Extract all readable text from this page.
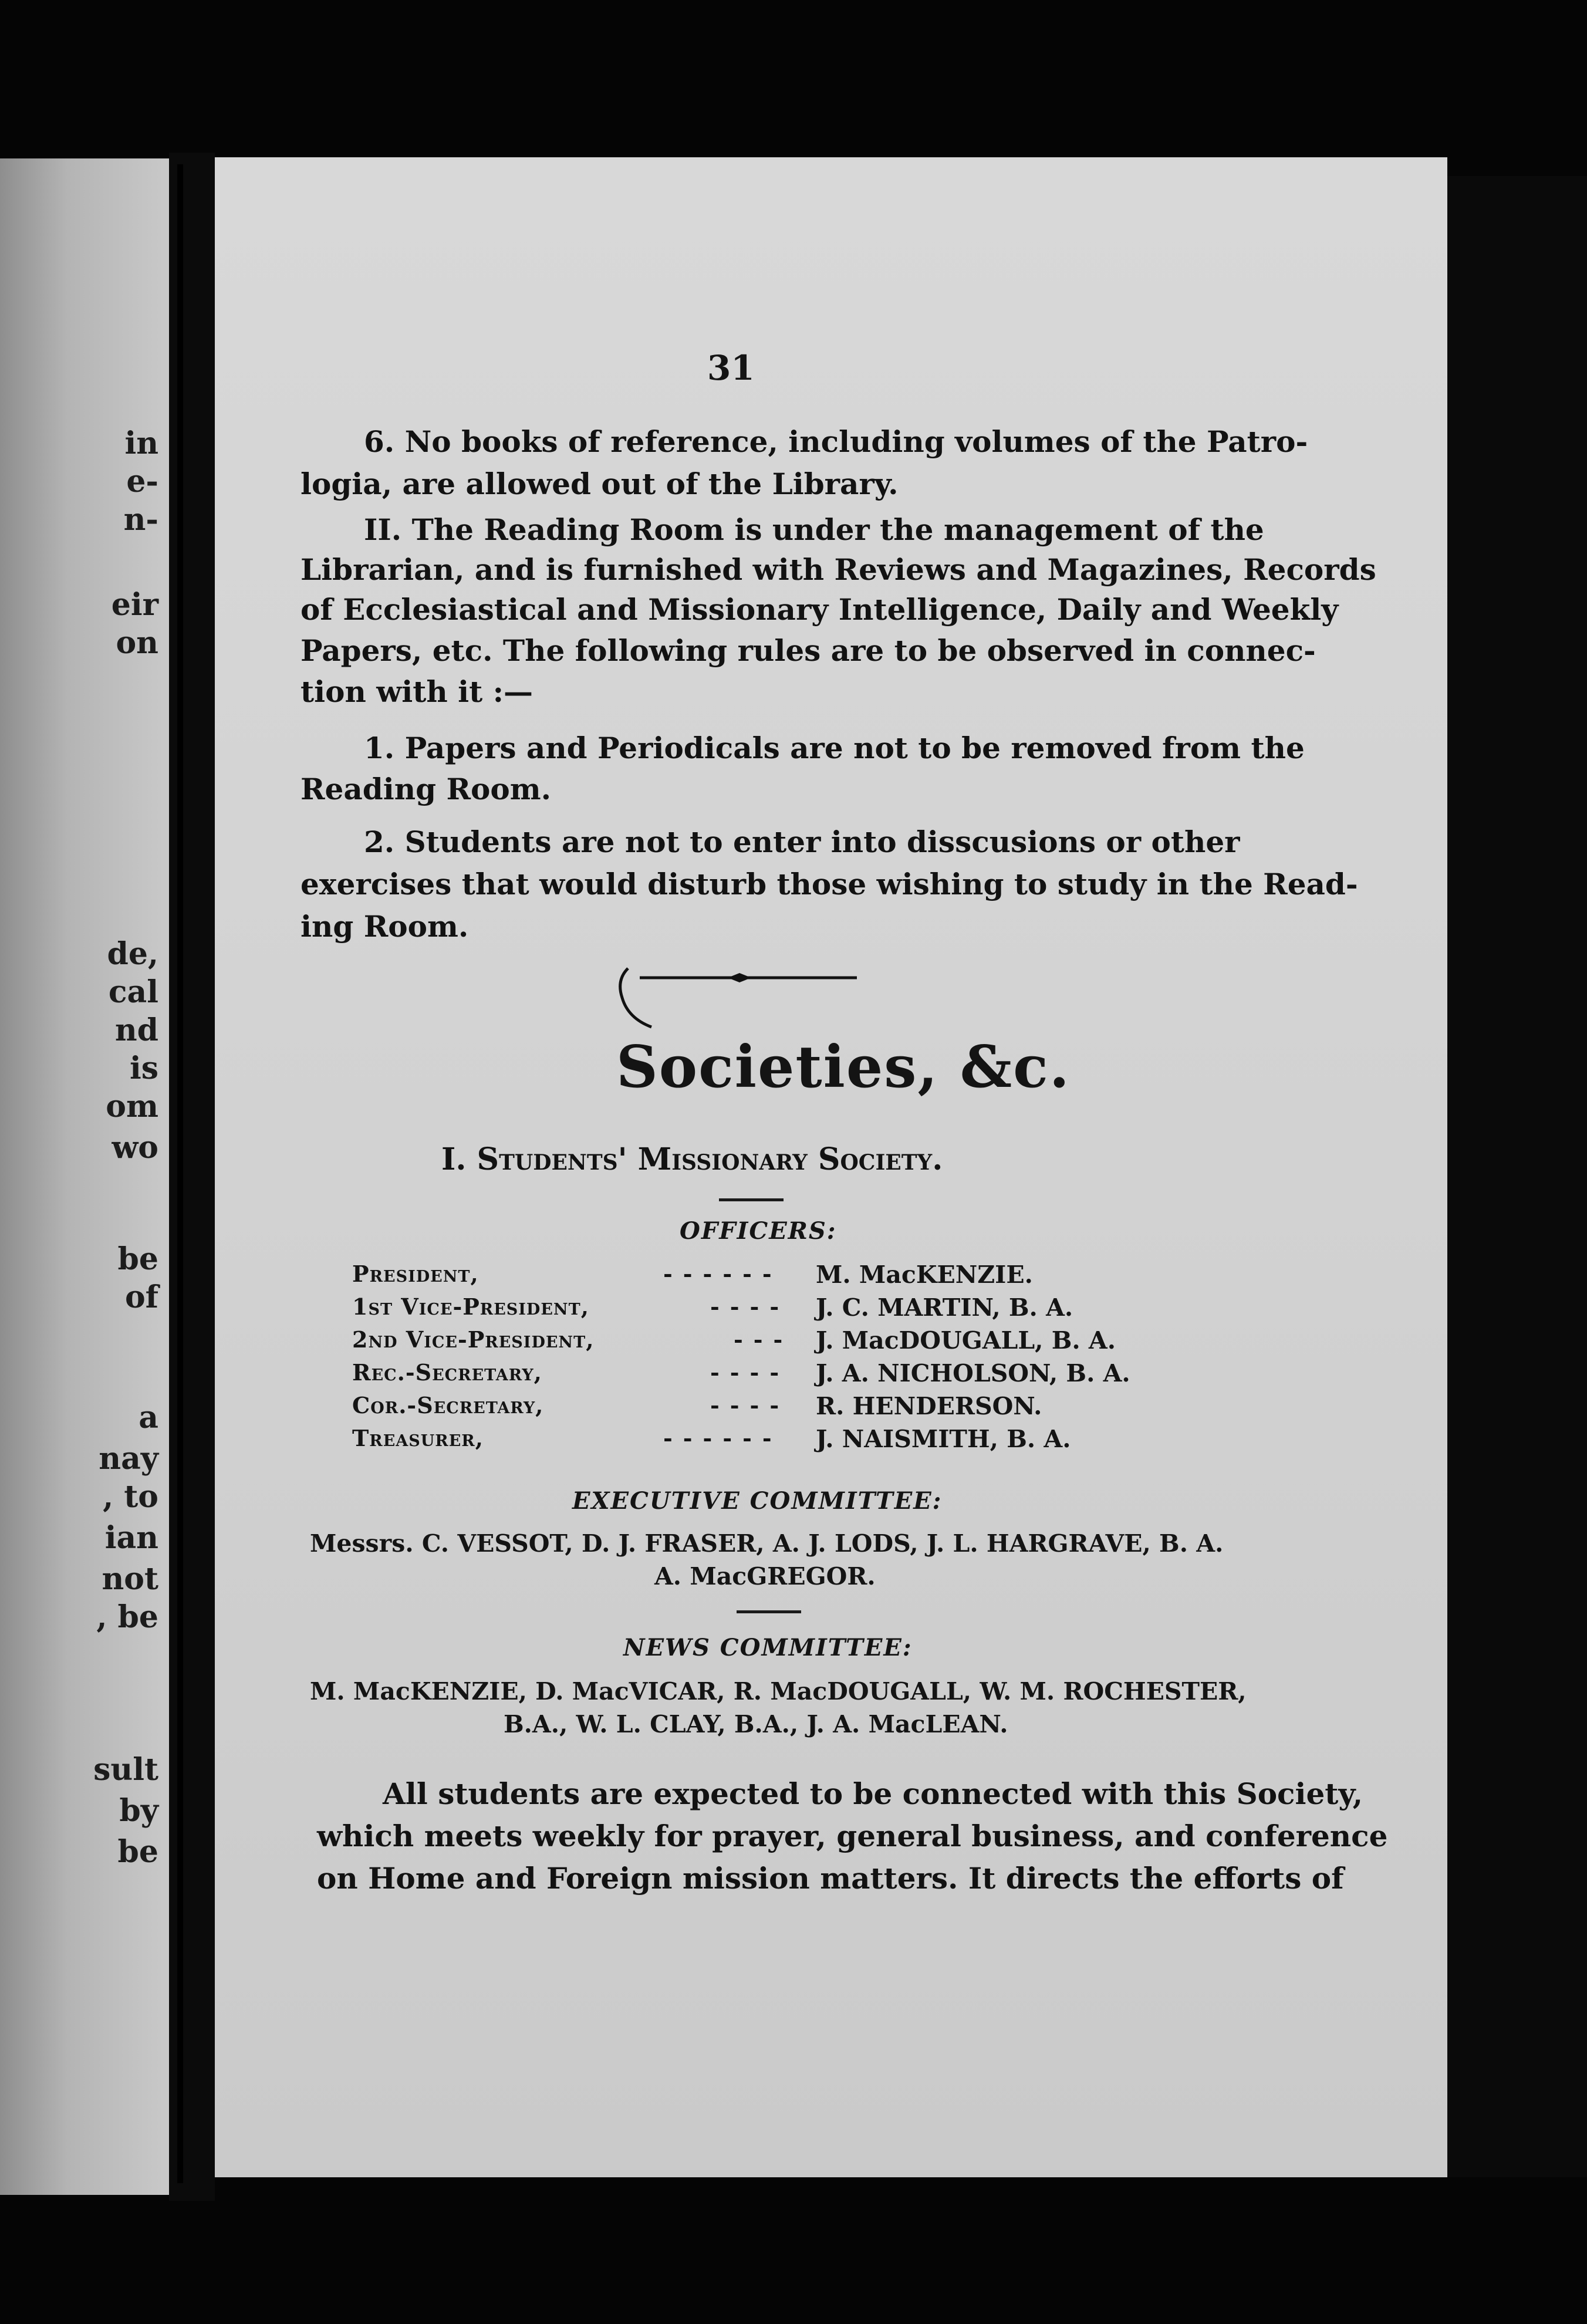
in

e-

n-

eir

on

de,

cal

nd

is

om

wo

be

of

a

nay

, to

ian

not

, be

sult

by

be

31

6. No books of reference, including volumes of the Patro-
logia, are allowed out of the Library.
II. The Reading Room is under the management of the
Librarian, and is furnished with Reviews and Magazines, Records
of Ecclesiastical and Missionary Intelligence, Daily and Weekly
Papers, etc. The following rules are to be observed in connec-
tion with it :—
1. Papers and Periodicals are not to be removed from the
Reading Room.
2. Students are not to enter into disscusions or other
exercises that would disturb those wishing to study in the Read-
ing Room.

Societies, &c.

I. Students' Missionary Society.

OFFICERS:

President,	------ M. MacKENZIE.
1st Vice-President,	---- J. C. MARTIN, B. A.
2nd Vice-President,	--- J. MacDOUGALL, B. A.
Rec.-Secretary,	---- J. A. NICHOLSON, B. A.
Cor.-Secretary,	---- R. HENDERSON.
Treasurer,	------ J. NAISMITH, B. A.

EXECUTIVE COMMITTEE:

Messrs. C. VESSOT, D. J. FRASER, A. J. LODS, J. L. HARGRAVE, B. A.

A. MacGREGOR.

NEWS COMMITTEE:

M. MacKENZIE, D. MacVICAR, R. MacDOUGALL, W. M. ROCHESTER,

B.A., W. L. CLAY, B.A., J. A. MacLEAN.

All students are expected to be connected with this Society,
which meets weekly for prayer, general business, and conference
on Home and Foreign mission matters. It directs the efforts of
